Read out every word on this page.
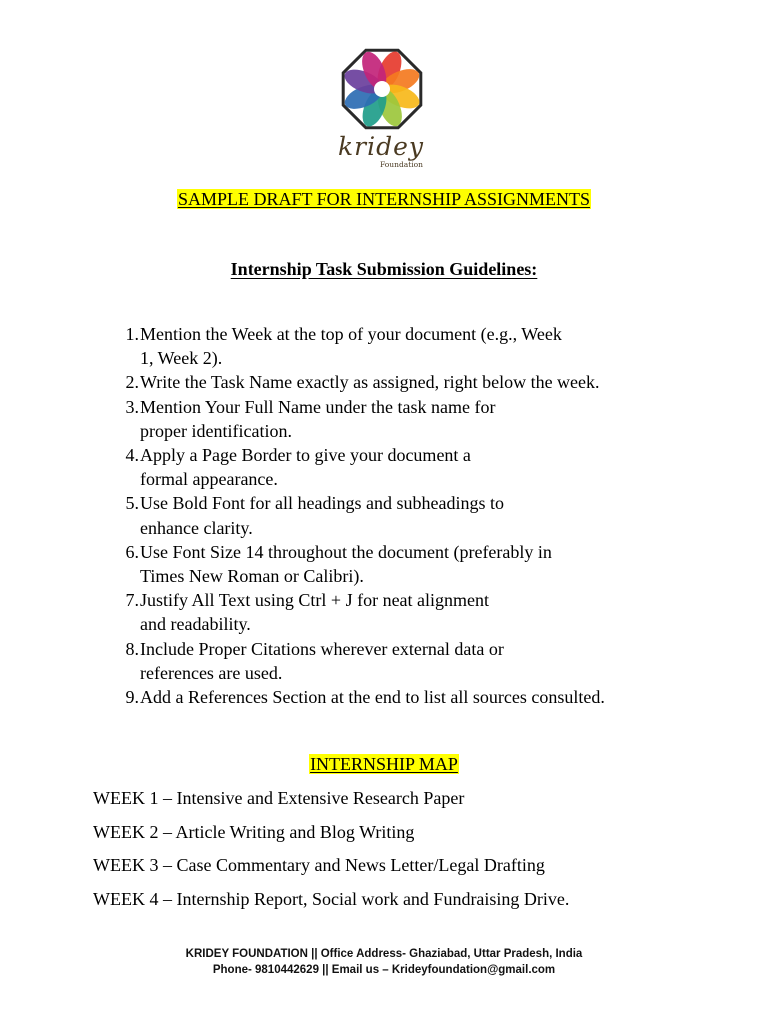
kridey
Foundation
SAMPLE DRAFT FOR INTERNSHIP ASSIGNMENTS
Internship Task Submission Guidelines:
1. Mention the Week at the top of your document (e.g., Week
1, Week 2).
2. Write the Task Name exactly as assigned, right below the week.
3. Mention Your Full Name under the task name for
proper identification.
4. Apply a Page Border to give your document a
formal appearance.
5. Use Bold Font for all headings and subheadings to
enhance clarity.
6. Use Font Size 14 throughout the document (preferably in
Times New Roman or Calibri).
7. Justify All Text using Ctrl + J for neat alignment
and readability.
8. Include Proper Citations wherever external data or
references are used.
9. Add a References Section at the end to list all sources consulted.
INTERNSHIP MAP
WEEK 1 – Intensive and Extensive Research Paper
WEEK 2 – Article Writing and Blog Writing
WEEK 3 – Case Commentary and News Letter/Legal Drafting
WEEK 4 – Internship Report, Social work and Fundraising Drive.
KRIDEY FOUNDATION || Office Address- Ghaziabad, Uttar Pradesh, India
Phone- 9810442629 || Email us – Krideyfoundation@gmail.com
